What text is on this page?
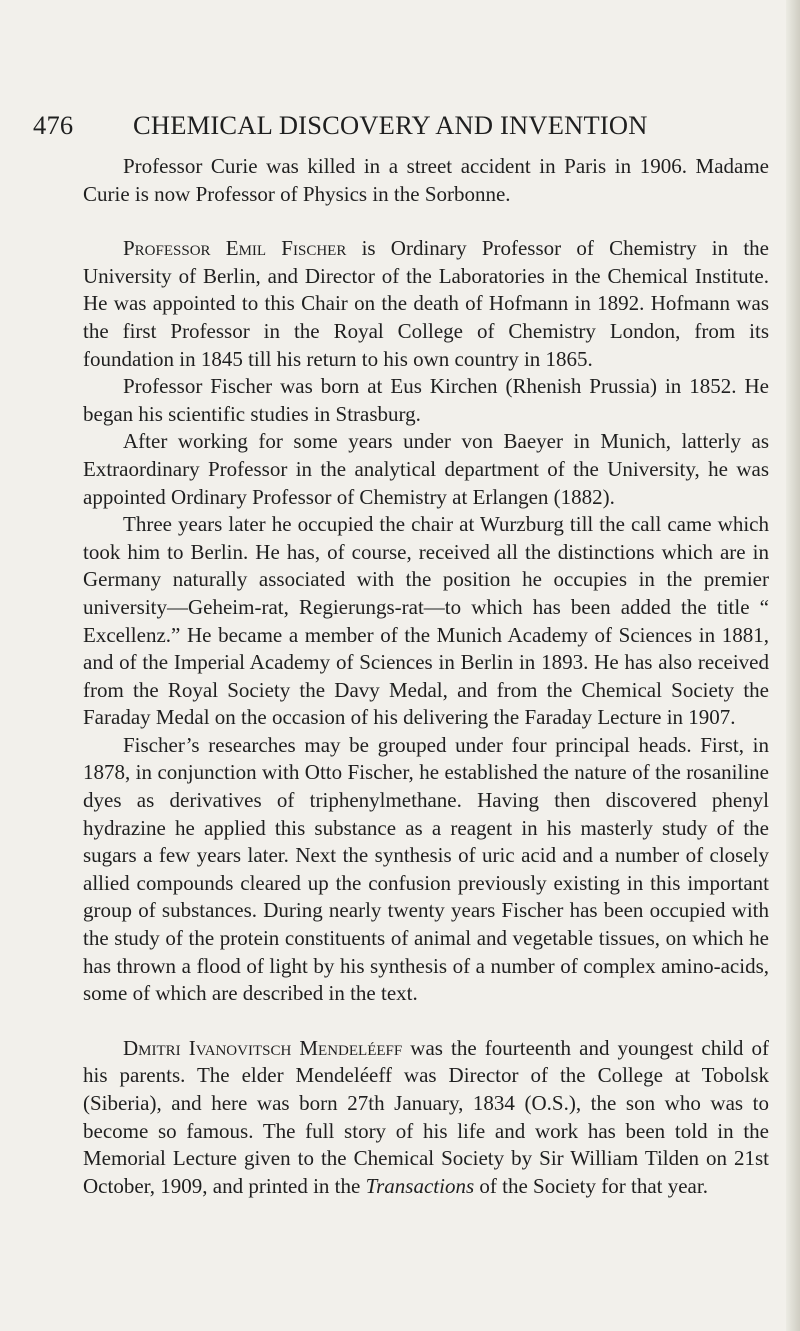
476 CHEMICAL DISCOVERY AND INVENTION

Professor Curie was killed in a street accident in Paris in 1906. Madame Curie is now Professor of Physics in the Sorbonne.

Professor Emil Fischer is Ordinary Professor of Chemistry in the University of Berlin, and Director of the Laboratories in the Chemical Institute. He was appointed to this Chair on the death of Hofmann in 1892. Hofmann was the first Professor in the Royal College of Chemistry London, from its foundation in 1845 till his return to his own country in 1865.

Professor Fischer was born at Eus Kirchen (Rhenish Prussia) in 1852. He began his scientific studies in Strasburg.

After working for some years under von Baeyer in Munich, latterly as Extraordinary Professor in the analytical department of the University, he was appointed Ordinary Professor of Chemistry at Erlangen (1882).

Three years later he occupied the chair at Wurzburg till the call came which took him to Berlin. He has, of course, received all the distinctions which are in Germany naturally associated with the position he occupies in the premier university—Geheim-rat, Regierungs-rat—to which has been added the title “ Excellenz.” He became a member of the Munich Academy of Sciences in 1881, and of the Imperial Academy of Sciences in Berlin in 1893. He has also received from the Royal Society the Davy Medal, and from the Chemical Society the Faraday Medal on the occasion of his delivering the Faraday Lecture in 1907.

Fischer’s researches may be grouped under four principal heads. First, in 1878, in conjunction with Otto Fischer, he established the nature of the rosaniline dyes as derivatives of triphenylmethane. Having then discovered phenyl hydrazine he applied this substance as a reagent in his masterly study of the sugars a few years later. Next the synthesis of uric acid and a number of closely allied compounds cleared up the confusion previously existing in this important group of substances. During nearly twenty years Fischer has been occupied with the study of the protein constituents of animal and vegetable tissues, on which he has thrown a flood of light by his synthesis of a number of complex amino-acids, some of which are described in the text.

Dmitri Ivanovitsch Mendeléeff was the fourteenth and youngest child of his parents. The elder Mendeléeff was Director of the College at Tobolsk (Siberia), and here was born 27th January, 1834 (O.S.), the son who was to become so famous. The full story of his life and work has been told in the Memorial Lecture given to the Chemical Society by Sir William Tilden on 21st October, 1909, and printed in the Transactions of the Society for that year.
